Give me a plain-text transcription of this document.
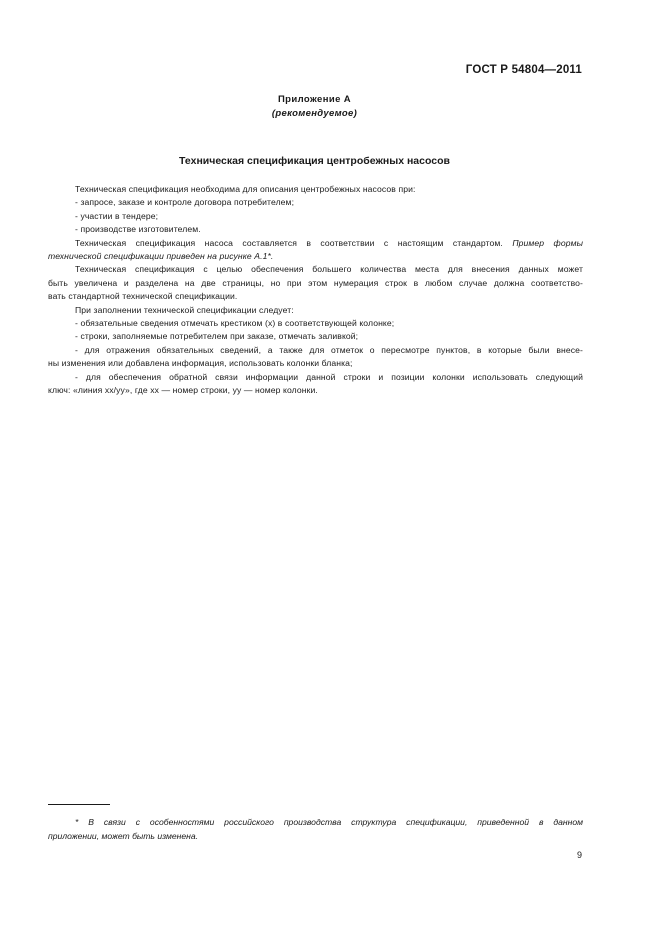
ГОСТ Р 54804—2011
Приложение А
(рекомендуемое)
Техническая спецификация центробежных насосов
Техническая спецификация необходима для описания центробежных насосов при:
- запросе, заказе и контроле договора потребителем;
- участии в тендере;
- производстве изготовителем.
Техническая спецификация насоса составляется в соответствии с настоящим стандартом. Пример формы
технической спецификации приведен на рисунке А.1*.
Техническая спецификация с целью обеспечения большего количества места для внесения данных может
быть увеличена и разделена на две страницы, но при этом нумерация строк в любом случае должна соответство-
вать стандартной технической спецификации.
При заполнении технической спецификации следует:
- обязательные сведения отмечать крестиком (х) в соответствующей колонке;
- строки, заполняемые потребителем при заказе, отмечать заливкой;
- для отражения обязательных сведений, а также для отметок о пересмотре пунктов, в которые были внесе-
ны изменения или добавлена информация, использовать колонки бланка;
- для обеспечения обратной связи информации данной строки и позиции колонки использовать следующий
ключ: «линия хх/уу», где хх — номер строки, уу — номер колонки.
* В связи с особенностями российского производства структура спецификации, приведенной в данном
приложении, может быть изменена.
9
